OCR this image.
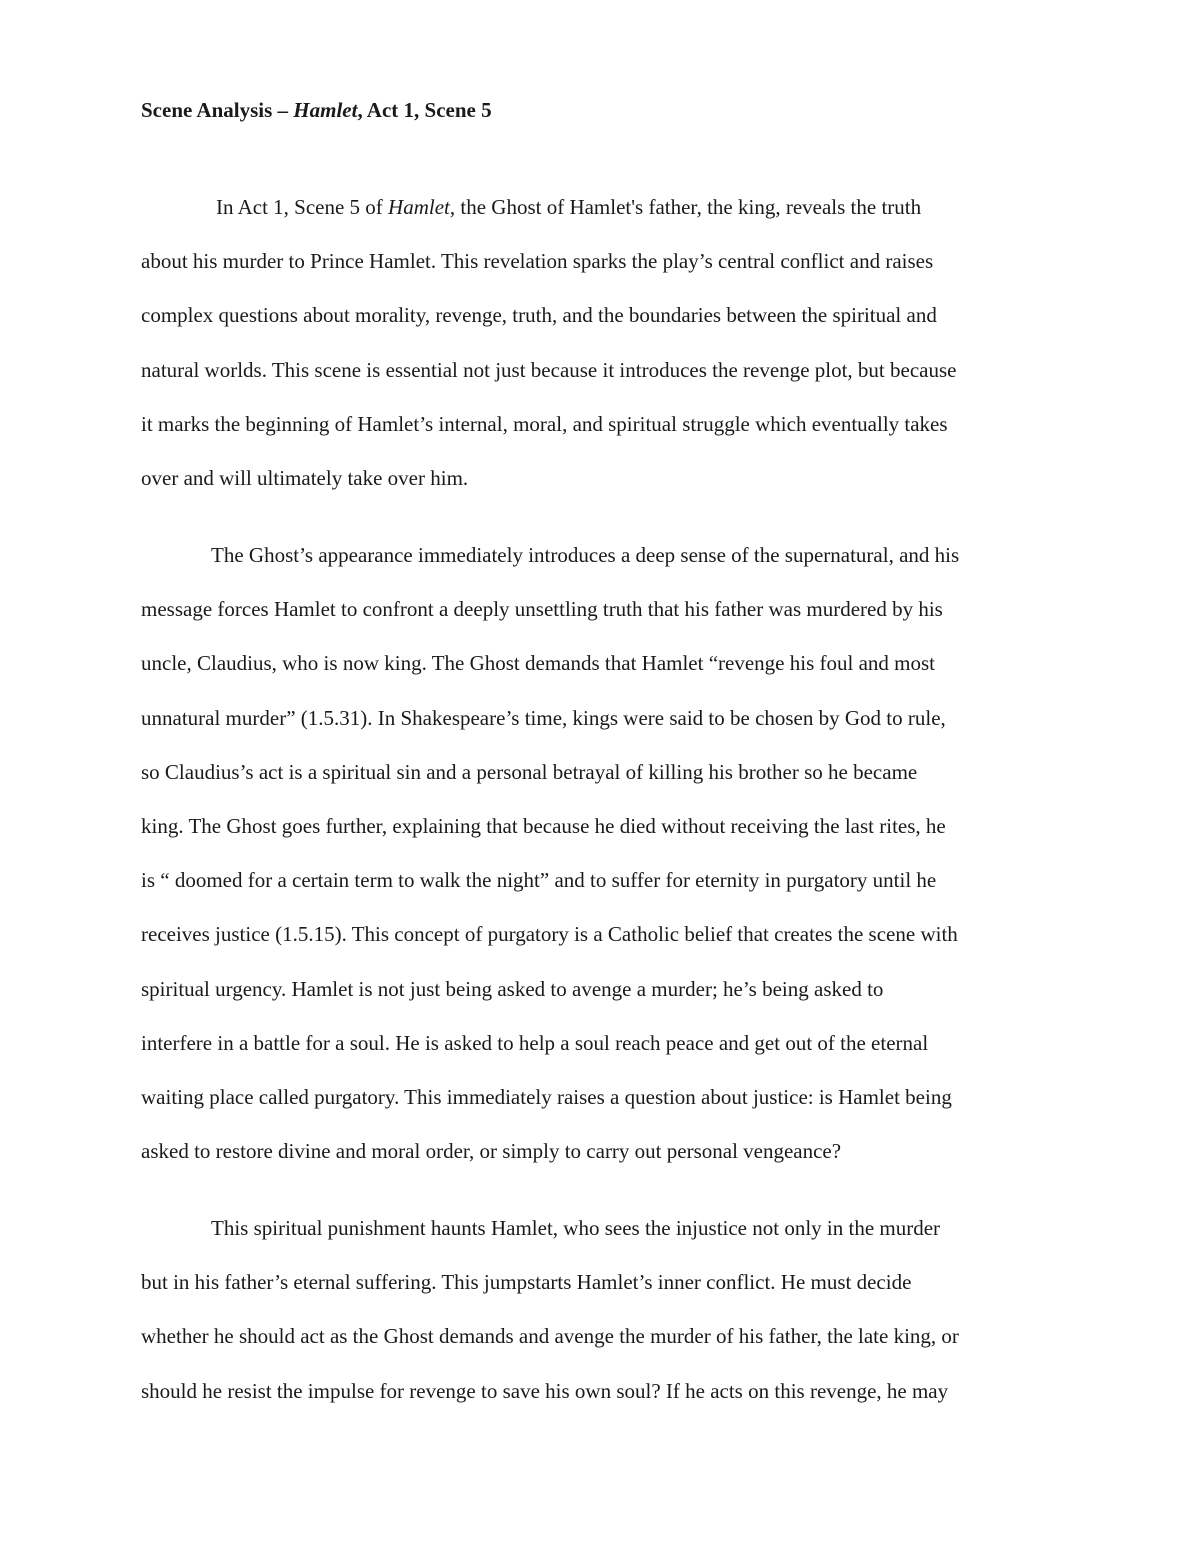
Scene Analysis – Hamlet, Act 1, Scene 5

In Act 1, Scene 5 of Hamlet, the Ghost of Hamlet's father, the king, reveals the truth
about his murder to Prince Hamlet. This revelation sparks the play’s central conflict and raises
complex questions about morality, revenge, truth, and the boundaries between the spiritual and
natural worlds. This scene is essential not just because it introduces the revenge plot, but because
it marks the beginning of Hamlet’s internal, moral, and spiritual struggle which eventually takes
over and will ultimately take over him.

The Ghost’s appearance immediately introduces a deep sense of the supernatural, and his
message forces Hamlet to confront a deeply unsettling truth that his father was murdered by his
uncle, Claudius, who is now king. The Ghost demands that Hamlet “revenge his foul and most
unnatural murder” (1.5.31). In Shakespeare’s time, kings were said to be chosen by God to rule,
so Claudius’s act is a spiritual sin and a personal betrayal of killing his brother so he became
king. The Ghost goes further, explaining that because he died without receiving the last rites, he
is “ doomed for a certain term to walk the night” and to suffer for eternity in purgatory until he
receives justice (1.5.15). This concept of purgatory is a Catholic belief that creates the scene with
spiritual urgency. Hamlet is not just being asked to avenge a murder; he’s being asked to
interfere in a battle for a soul. He is asked to help a soul reach peace and get out of the eternal
waiting place called purgatory. This immediately raises a question about justice: is Hamlet being
asked to restore divine and moral order, or simply to carry out personal vengeance?

This spiritual punishment haunts Hamlet, who sees the injustice not only in the murder
but in his father’s eternal suffering. This jumpstarts Hamlet’s inner conflict. He must decide
whether he should act as the Ghost demands and avenge the murder of his father, the late king, or
should he resist the impulse for revenge to save his own soul? If he acts on this revenge, he may
